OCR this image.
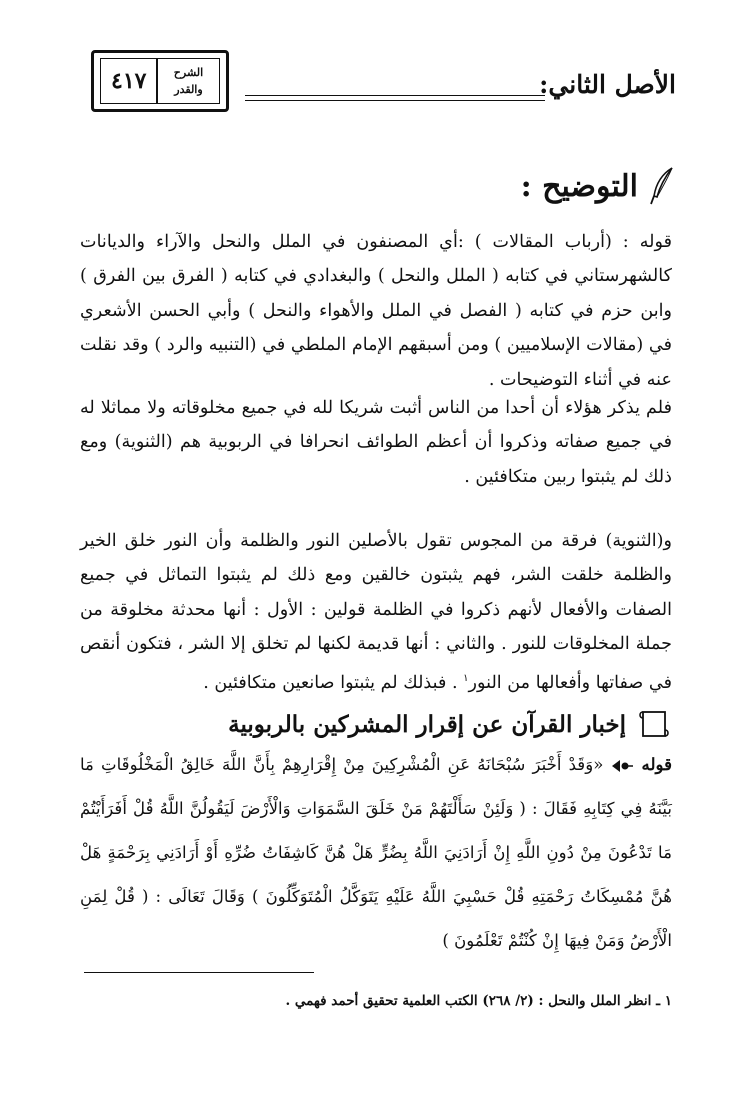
٤١٧	الشرح
والقدر	الأصل الثاني:
التوضيح :

قوله : (أرباب المقالات ) :أي المصنفون في الملل والنحل والآراء والديانات كالشهرستاني في كتابه ( الملل والنحل ) والبغدادي في كتابه ( الفرق بين الفرق ) وابن حزم في كتابه ( الفصل في الملل والأهواء والنحل ) وأبي الحسن الأشعري في (مقالات الإسلاميين ) ومن أسبقهم الإمام الملطي في (التنبيه والرد ) وقد نقلت عنه في أثناء التوضيحات .

فلم يذكر هؤلاء أن أحدا من الناس أثبت شريكا لله في جميع مخلوقاته ولا مماثلا له في جميع صفاته وذكروا أن أعظم الطوائف انحرافا في الربوبية هم (الثنوية) ومع ذلك لم يثبتوا ربين متكافئين .

و(الثنوية) فرقة من المجوس تقول بالأصلين النور والظلمة وأن النور خلق الخير والظلمة خلقت الشر، فهم يثبتون خالقين ومع ذلك لم يثبتوا التماثل في جميع الصفات والأفعال لأنهم ذكروا في الظلمة قولين : الأول : أنها محدثة مخلوقة من جملة المخلوقات للنور . والثاني : أنها قديمة لكنها لم تخلق إلا الشر ، فتكون أنقص في صفاتها وأفعالها من النور$^١$ . فبذلك لم يثبتوا صانعين متكافئين .

إخبار القرآن عن إقرار المشركين بالربوبية
قوله  «وَقَدْ أَخْبَرَ سُبْحَانَهُ عَنِ الْمُشْرِكِينَ مِنْ إِقْرَارِهِمْ بِأَنَّ اللَّهَ خَالِقُ الْمَخْلُوقَاتِ مَا بَيَّنَهُ فِي كِتَابِهِ فَقَالَ : ( وَلَئِنْ سَأَلْتَهُمْ مَنْ خَلَقَ السَّمَوَاتِ وَالْأَرْضَ لَيَقُولُنَّ اللَّهُ قُلْ أَفَرَأَيْتُمْ مَا تَدْعُونَ مِنْ دُونِ اللَّهِ إِنْ أَرَادَنِيَ اللَّهُ بِضُرٍّ هَلْ هُنَّ كَاشِفَاتُ ضُرِّهِ أَوْ أَرَادَنِي بِرَحْمَةٍ هَلْ هُنَّ مُمْسِكَاتُ رَحْمَتِهِ قُلْ حَسْبِيَ اللَّهُ عَلَيْهِ يَتَوَكَّلُ الْمُتَوَكِّلُونَ ) وَقَالَ تَعَالَى : ( قُلْ لِمَنِ الْأَرْضُ وَمَنْ فِيهَا إِنْ كُنْتُمْ تَعْلَمُونَ )
١ ـ انظر الملل والنحل : (٢/ ٢٦٨) الكتب العلمية تحقيق أحمد فهمي .
